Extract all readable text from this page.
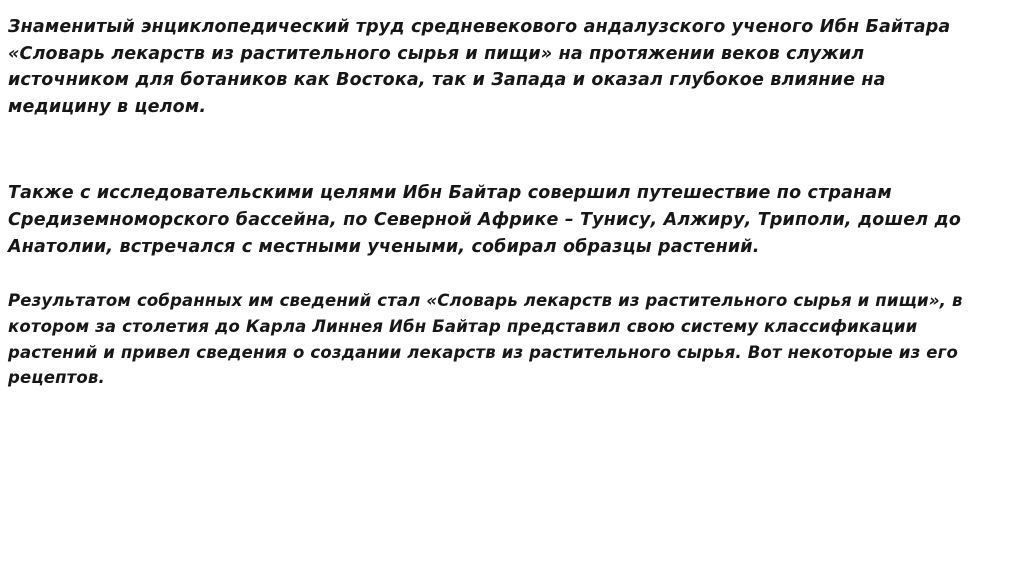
Знаменитый энциклопедический труд средневекового андалузского ученого Ибн Байтара «Словарь лекарств из растительного сырья и пищи» на протяжении веков служил источником для ботаников как Востока, так и Запада и оказал глубокое влияние на медицину в целом.

Также с исследовательскими целями Ибн Байтар совершил путешествие по странам Средиземноморского бассейна, по Северной Африке – Тунису, Алжиру, Триполи, дошел до Анатолии, встречался с местными учеными, собирал образцы растений.

Результатом собранных им сведений стал «Словарь лекарств из растительного сырья и пищи», в котором за столетия до Карла Линнея Ибн Байтар представил свою систему классификации растений и привел сведения о создании лекарств из растительного сырья. Вот некоторые из его рецептов.
